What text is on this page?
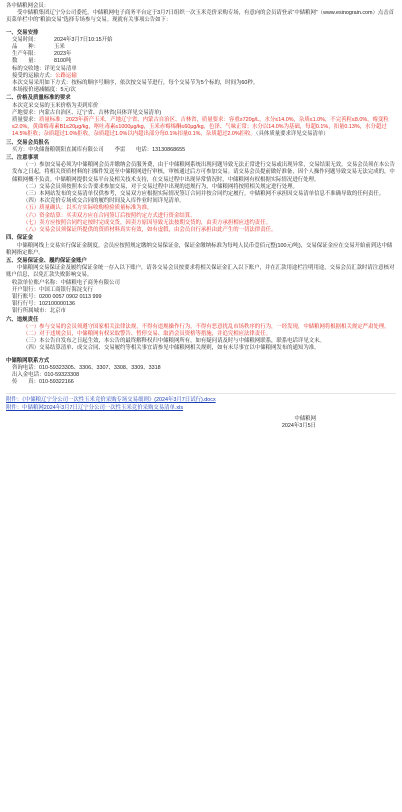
各中储粮网会员：

受中储粮集团辽宁分公司委托，中储粮网电子商务平台定于3月7日组织一次玉米竞价采购专场，有意向的会员请登录“中储粮网”（www.esinograin.com）点击首页菜单栏中的“粮油交易”选择专场参与交易。现就有关事项公告如下：

一、交易安排

交易时间：	2024年3月7日10:15开始
品　　种：	玉米
生产年限：	2023年
数　　量：	8100吨
标的交收地： 详见交易清单
接受的运输方式： 公路运输
本次交易采用如下方式：按标的顺序号顺序，依次按交易节进行，每个交易节为5个标的，时间为60秒。
本场报价递减幅度： 5元/次

二、价格及质量标准的要求

本次竞采交易的玉米价格为卖到库价

产地要求：内蒙古自治区、辽宁省、吉林省(具体详见交易清单)

质量要求：质量标准：2023年新产玉米，产地辽宁省、内蒙古自治区、吉林省，质量要求：容重≥720g/L，水分≤14.0%，杂质≤1.0%，不完善粒≤8.0%，霉变粒≤2.0%，黄曲霉毒素B1≤20μg/kg，呕吐毒素≤1000μg/kg，玉米赤霉烯酮≤60μg/kg，色泽、气味正常；水分以14.0%为基础，每超0.1%，扣量0.13%，水分超过14.5%拒收；杂质超过1.0%拒收，杂质超过1.0%以内超出部分每0.1%扣量0.1%，杂质超过2.0%拒收。（具体质量要求详见交易清单）

三、交易会员报名

买方：中央储备粮朝阳直属库有限公司　　李雷　　电话：13130868655

三、注意事项

（一）参加交易必须为中储粮网会员并缴纳会员服务费，由于中储粮网系统出现问题导致无法正常进行交易或出现异常，交易结果无效。交易会员须在本公告发布之日起，将相关资质材料的扫描件发送至中储粮网进行审核，审核通过后方可参加交易。请交易会员提前做好准备，因个人操作问题导致交易无法完成的，中储粮网概不负责。中储粮网提供交易平台及相关技术支持，在交易过程中出现异常情况时，中储粮网有权根据实际情况进行处理。

（二）交易会员须按照本公告要求参加交易，对于交易过程中出现的违规行为，中储粮网将按照相关规定进行处理。

（三）本网站发布的交易清单仅供参考，交易双方应根据实际情况签订合同并按合同约定履行。中储粮网不承担因交易清单信息不准确导致的任何责任。

（四）本次竞价专场成交合同的履约时间及入库作业时间详见清单。

（五）质量确认：以买方实际收购检验质量标准为准。

（六）资金结算：买卖双方应在合同签订后按照约定方式进行资金结算。

（七）卖方应按照合同约定按时完成交货，因卖方原因导致无法按期交货的，由卖方承担相应违约责任。

（八）交易会员须保证所提供的资质材料真实有效，如有虚假，由会员自行承担由此产生的一切法律责任。

四、保证金

中储粮网线上交易实行保证金制度。会员应按照规定缴纳交易保证金，保证金缴纳标准为每吨人民币壹佰元整(100元/吨)，交易保证金应在交易开始前到达中储粮网指定账户。

五、交易保证金、履约保证金账户

中储粮网交易保证金及履约保证金统一存入以下账户，请各交易会员按要求将相关保证金汇入以下账户，并在汇款用途栏注明用途，交易会员汇款时请注意核对账户信息，以免汇款失败影响交易。

收款单位账户名称：中储粮电子商务有限公司

开户银行：中国工商银行海淀支行

银行账号：0200 0057 0902 0113 999

银行行号：102100000136

银行所属城市：北京市

六、违规责任

（一）参与交易的会员须遵守国家相关法律法规，不得有违规操作行为，不得有恶意扰乱市场秩序的行为，一经发现，中储粮网将根据相关规定严肃处理。

（二）对于违规会员，中储粮网有权采取警告、暂停交易、取消会员资格等措施，并追究相应法律责任。

（三）本公告自发布之日起生效，本公告的最终解释权归中储粮网所有，如有疑问请及时与中储粮网联系，联系电话详见文末。

（四）交易结算清单、成交合同、交易履约等相关事宜请参见中储粮网相关规则，如有未尽事宜以中储粮网发布的通知为准。

中储粮网联系方式

咨询电话：010-59323305、3306、3307、3308、3309、3318

出入金电话：010-59323308

传　　真：010-59322166

附件：《中储粮辽宁分公司一次性玉米竞价采购专场交易细则》(2024年3月7日试行).docx

附件：中储粮网2024年3月7日辽宁分公司一次性玉米竞价采购交易清单.xls

中储粮网

2024年3月5日
